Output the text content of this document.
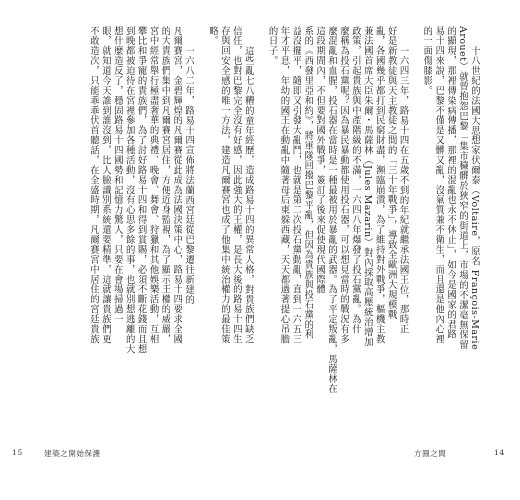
十八世紀的法國大思想家伏爾泰（Voltaire，原名 François-Marie
Arouet）就曾抱怨巴黎「集市穢髒於狹窄的街道上，市場的不潔毫無保留
的顯現，那裡傳染病傳播，那裡的混亂也永不休止」，如今是國家的君路
易十四來說，巴黎不僅是又髒又亂，沒氣質兼不衛生，而且還是他內心裡
的一面傷膝影。
一六四三年，路易十四在五歲不到的年紀就繼承法國王位，那時正
好是新教徒與天主教徒之間的「三十年戰爭」，導致全歐洲大規模戰
亂，各國幾乎都打到民窮財盡，瀕臨崩潰，為了維持對外戰爭，樞機主教
兼法國首席大臣朱爾・馬薩林（Jules Mazarin）對內採取高壓統治增加
政策，引起貴族與中產階級的不滿，一六四八年爆發了投石黨亂。為什
麼稱為投石黨呢？因為暴民暴動都使用投石器，可以想見當時的戰況有多
麼混亂和血腥，投石器在當時是一種最被用於暴亂的武器。為了平定叛亂，馬薩林在
這段期間內，不但要對國外戰爭，簽訂了後來促使現代國際體
系的《西發里亞和約》，將軍隊回撥巴黎平亂，但因為貴族與投石黨的利
益沒擺平，隨即又引發大亂鬥，也就是第二次投石黨動亂，直到一六五三
年才平息，年幼的國王在動亂中隨著母后東躲西藏，天天都過著提心吊膽
的日子。
這些亂七八糟的童年經歷，造成路易十四的異常人格，對貴族們缺乏
信任，也對巴黎完全沒有好感，因此強大的王權，是長大後的路易十四生
存與回安全感的唯一方法，建造凡爾賽宮也成了他集中統治權力的最佳策
略。
一六八二年，路易十四宣佈將法蘭西宮廷從巴黎遷往新建的
凡爾賽宮，金碧輝煌的凡爾賽從此成為法國決策中心，路易十四要求全國
的大貴族們集中到凡爾賽宮居住，方便近身監視，為了顯示王權的威嚴，
宮中經常舉行極盡奢華的典禮、晚會、舞會、狩獵和其他娛樂活動，互相
攀比和爭寵的貴族們，為了討好路易十四和得到賞賜，必須不斷花錢而且想
到晚都被迫待在宮裡參加各種活動，沒有心思多餘的事，也就別想逃離的大
想什麼造反了，穩固路易十四國勢和記憶力驚人，只要在會場掃過一
眼，就知道今天誰到誰沒到，比人臉識別系統還要精準，這就讓貴族們更
不敢造次，只能乖乖伏首聽話，在全盛時期，凡爾賽宮中居住的宮廷貴族
15	建築之開始保護	方圓之間	14
